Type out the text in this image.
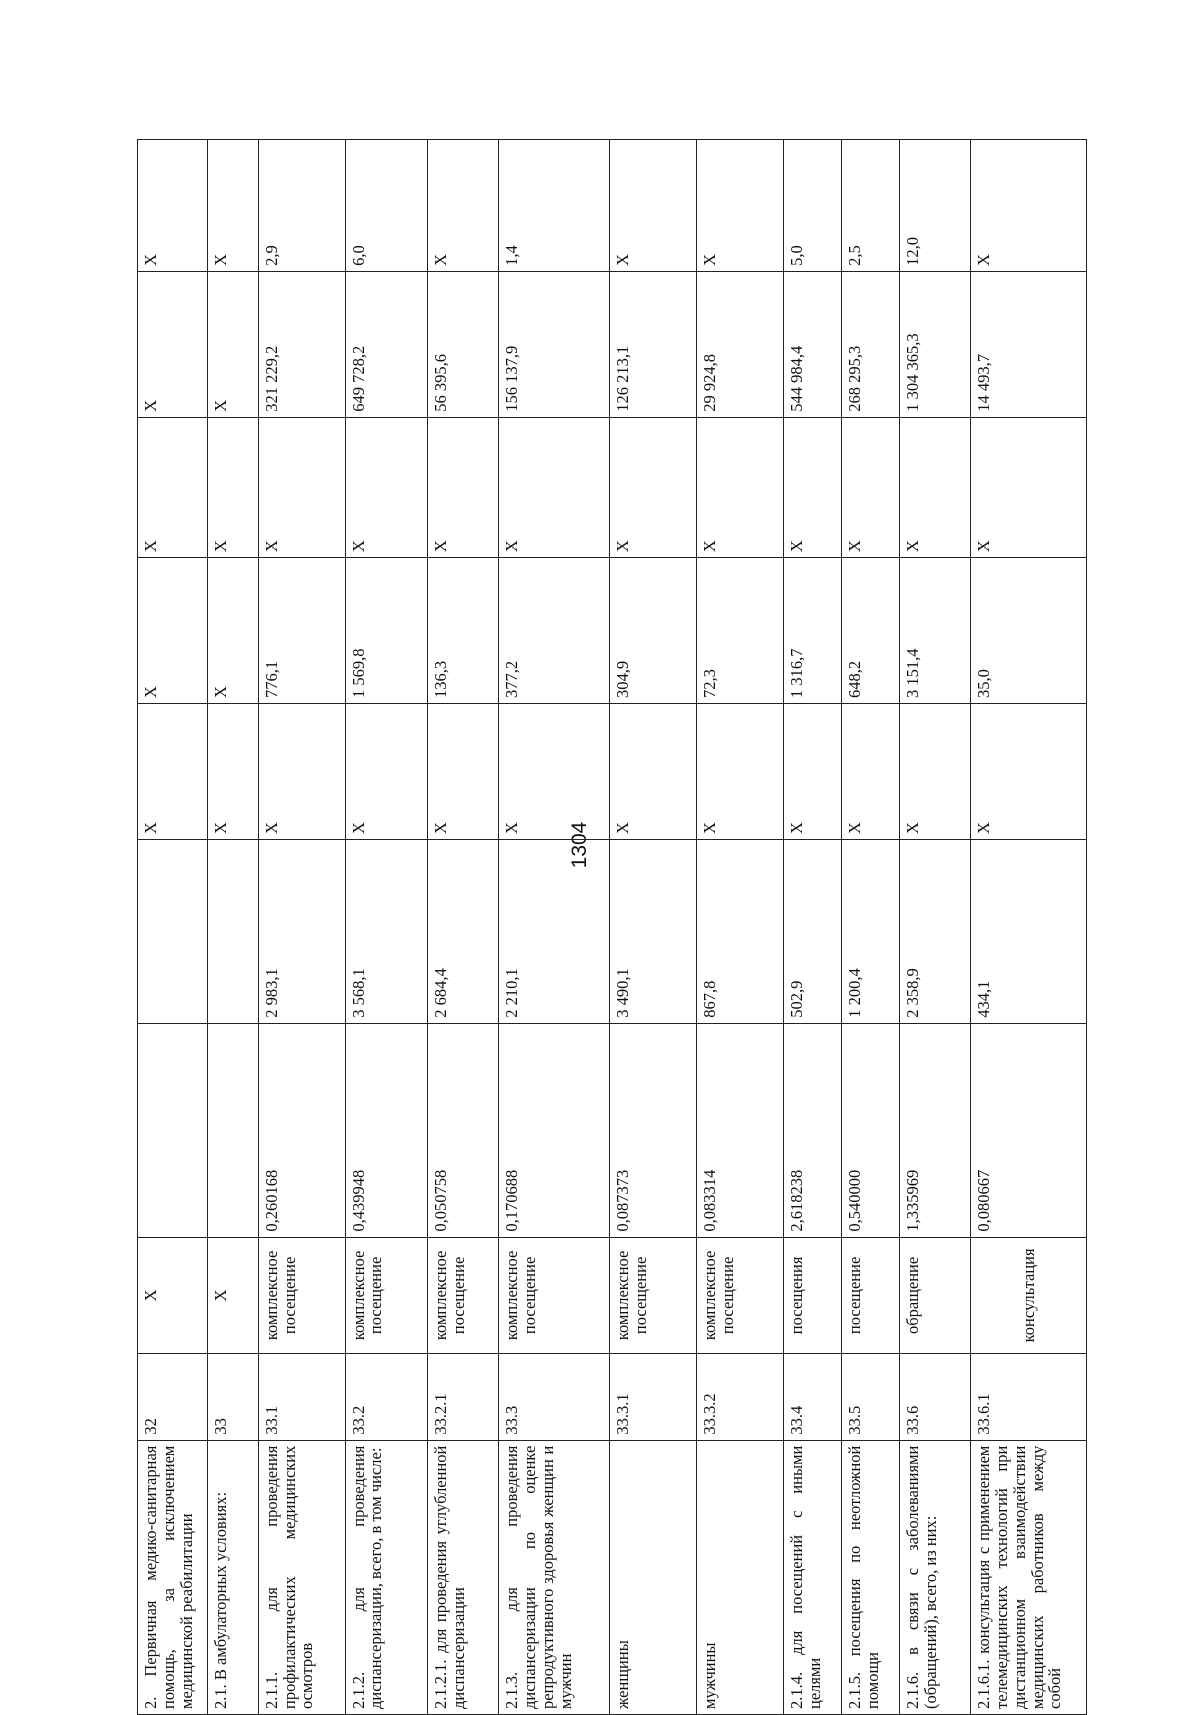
1304
2. Первичная медико-санитарная помощь, за исключением медицинской реабилитации	32	X			X	X	X	X	X
2.1. В амбулаторных условиях:	33	X			X	X	X	X	X
2.1.1. для проведения профилактических медицинских осмотров	33.1	комплексное посещение	0,260168	2 983,1	X	776,1	X	321 229,2	2,9
2.1.2. для проведения диспансеризации, всего, в том числе:	33.2	комплексное посещение	0,439948	3 568,1	X	1 569,8	X	649 728,2	6,0
2.1.2.1. для проведения углубленной диспансеризации	33.2.1	комплексное посещение	0,050758	2 684,4	X	136,3	X	56 395,6	X
2.1.3. для проведения диспансеризации по оценке репродуктивного здоровья женщин и мужчин	33.3	комплексное посещение	0,170688	2 210,1	X	377,2	X	156 137,9	1,4
женщины	33.3.1	комплексное посещение	0,087373	3 490,1	X	304,9	X	126 213,1	X
мужчины	33.3.2	комплексное посещение	0,083314	867,8	X	72,3	X	29 924,8	X
2.1.4. для посещений с иными целями	33.4	посещения	2,618238	502,9	X	1 316,7	X	544 984,4	5,0
2.1.5. посещения по неотложной помощи	33.5	посещение	0,540000	1 200,4	X	648,2	X	268 295,3	2,5
2.1.6. в связи с заболеваниями (обращений), всего, из них:	33.6	обращение	1,335969	2 358,9	X	3 151,4	X	1 304 365,3	12,0
2.1.6.1. консультация с применением телемедицинских технологий при дистанционном взаимодействии медицинских работников между собой	33.6.1	консультация	0,080667	434,1	X	35,0	X	14 493,7	X
